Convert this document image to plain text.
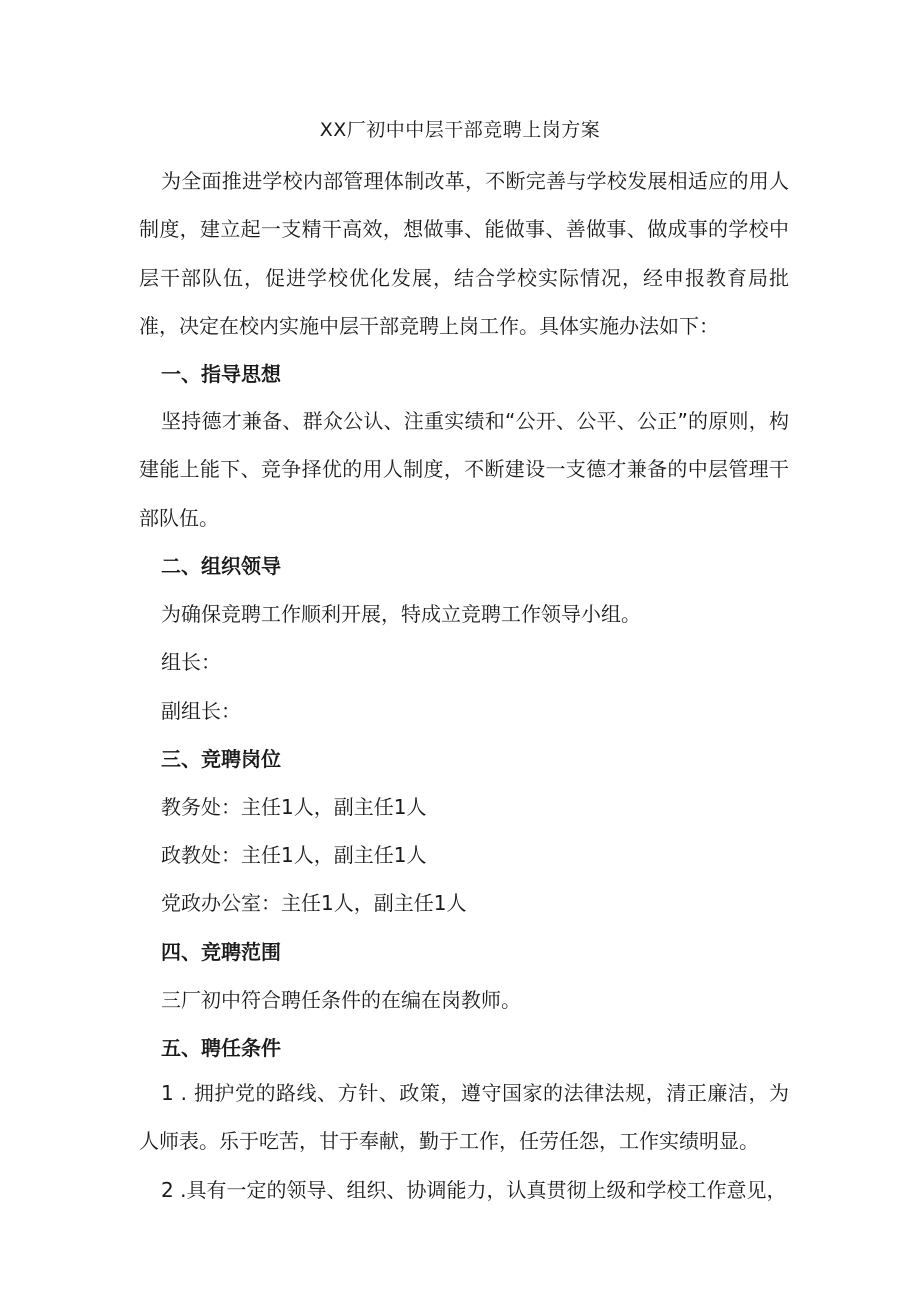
XX厂初中中层干部竞聘上岗方案
为全面推进学校内部管理体制改革，不断完善与学校发展相适应的用人制度，建立起一支精干高效，想做事、能做事、善做事、做成事的学校中层干部队伍，促进学校优化发展，结合学校实际情况，经申报教育局批准，决定在校内实施中层干部竞聘上岗工作。具体实施办法如下：
一、指导思想
坚持德才兼备、群众公认、注重实绩和“公开、公平、公正”的原则，构建能上能下、竞争择优的用人制度，不断建设一支德才兼备的中层管理干部队伍。
二、组织领导
为确保竞聘工作顺利开展，特成立竞聘工作领导小组。
组长：
副组长：
三、竞聘岗位
教务处：主任1人，副主任1人
政教处：主任1人，副主任1人
党政办公室：主任1人，副主任1人
四、竞聘范围
三厂初中符合聘任条件的在编在岗教师。
五、聘任条件
1 . 拥护党的路线、方针、政策，遵守国家的法律法规，清正廉洁，为人师表。乐于吃苦，甘于奉献，勤于工作，任劳任怨，工作实绩明显。
2 .具有一定的领导、组织、协调能力，认真贯彻上级和学校工作意见，
